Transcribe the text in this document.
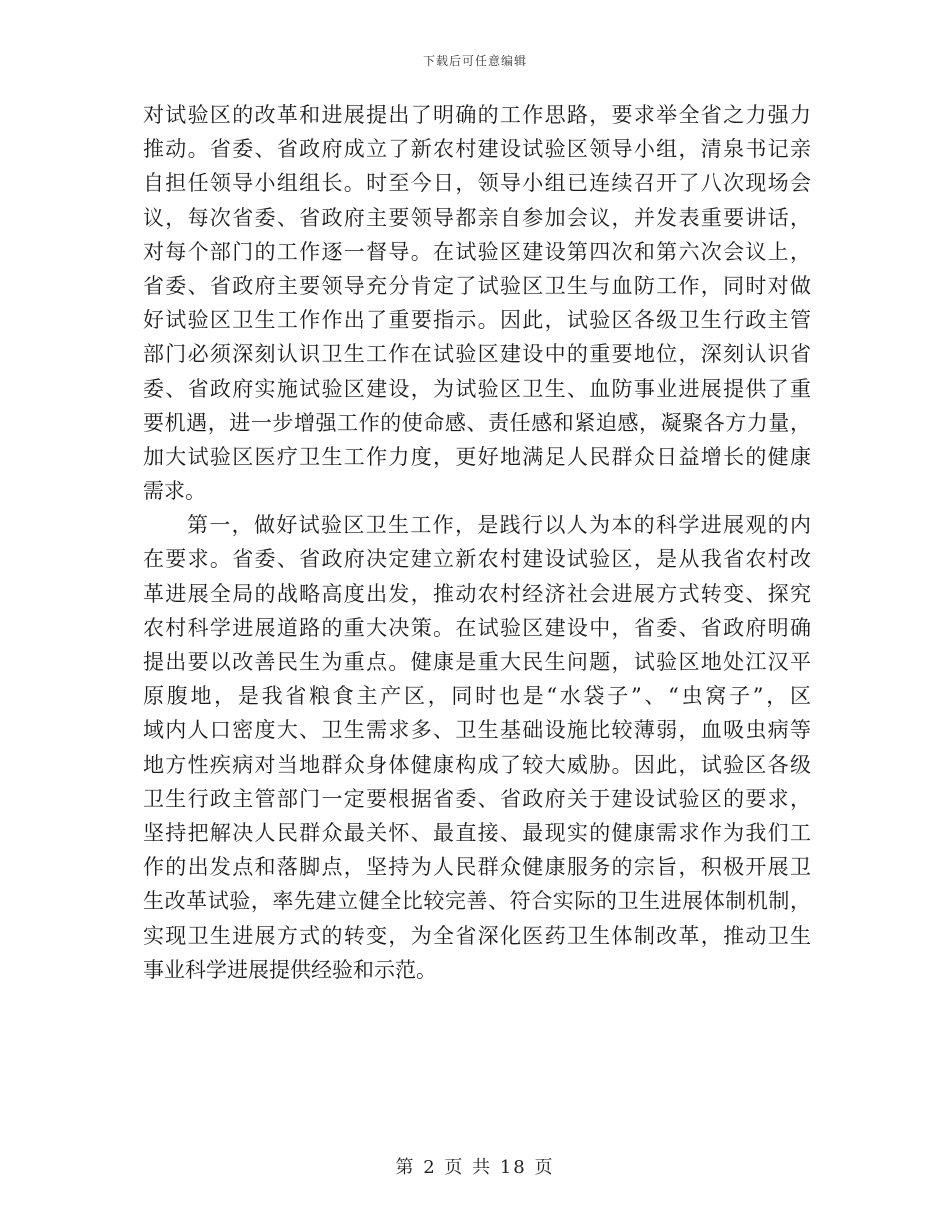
下载后可任意编辑
对试验区的改革和进展提出了明确的工作思路，要求举全省之力强力
推动。省委、省政府成立了新农村建设试验区领导小组，清泉书记亲
自担任领导小组组长。时至今日，领导小组已连续召开了八次现场会
议，每次省委、省政府主要领导都亲自参加会议，并发表重要讲话，
对每个部门的工作逐一督导。在试验区建设第四次和第六次会议上，
省委、省政府主要领导充分肯定了试验区卫生与血防工作，同时对做
好试验区卫生工作作出了重要指示。因此，试验区各级卫生行政主管
部门必须深刻认识卫生工作在试验区建设中的重要地位，深刻认识省
委、省政府实施试验区建设，为试验区卫生、血防事业进展提供了重
要机遇，进一步增强工作的使命感、责任感和紧迫感，凝聚各方力量，
加大试验区医疗卫生工作力度，更好地满足人民群众日益增长的健康
需求。
第一，做好试验区卫生工作，是践行以人为本的科学进展观的内
在要求。省委、省政府决定建立新农村建设试验区，是从我省农村改
革进展全局的战略高度出发，推动农村经济社会进展方式转变、探究
农村科学进展道路的重大决策。在试验区建设中，省委、省政府明确
提出要以改善民生为重点。健康是重大民生问题，试验区地处江汉平
原腹地，是我省粮食主产区，同时也是“水袋子”、“虫窝子”，区
域内人口密度大、卫生需求多、卫生基础设施比较薄弱，血吸虫病等
地方性疾病对当地群众身体健康构成了较大威胁。因此，试验区各级
卫生行政主管部门一定要根据省委、省政府关于建设试验区的要求，
坚持把解决人民群众最关怀、最直接、最现实的健康需求作为我们工
作的出发点和落脚点，坚持为人民群众健康服务的宗旨，积极开展卫
生改革试验，率先建立健全比较完善、符合实际的卫生进展体制机制，
实现卫生进展方式的转变，为全省深化医药卫生体制改革，推动卫生
事业科学进展提供经验和示范。
第 2 页 共 18 页
